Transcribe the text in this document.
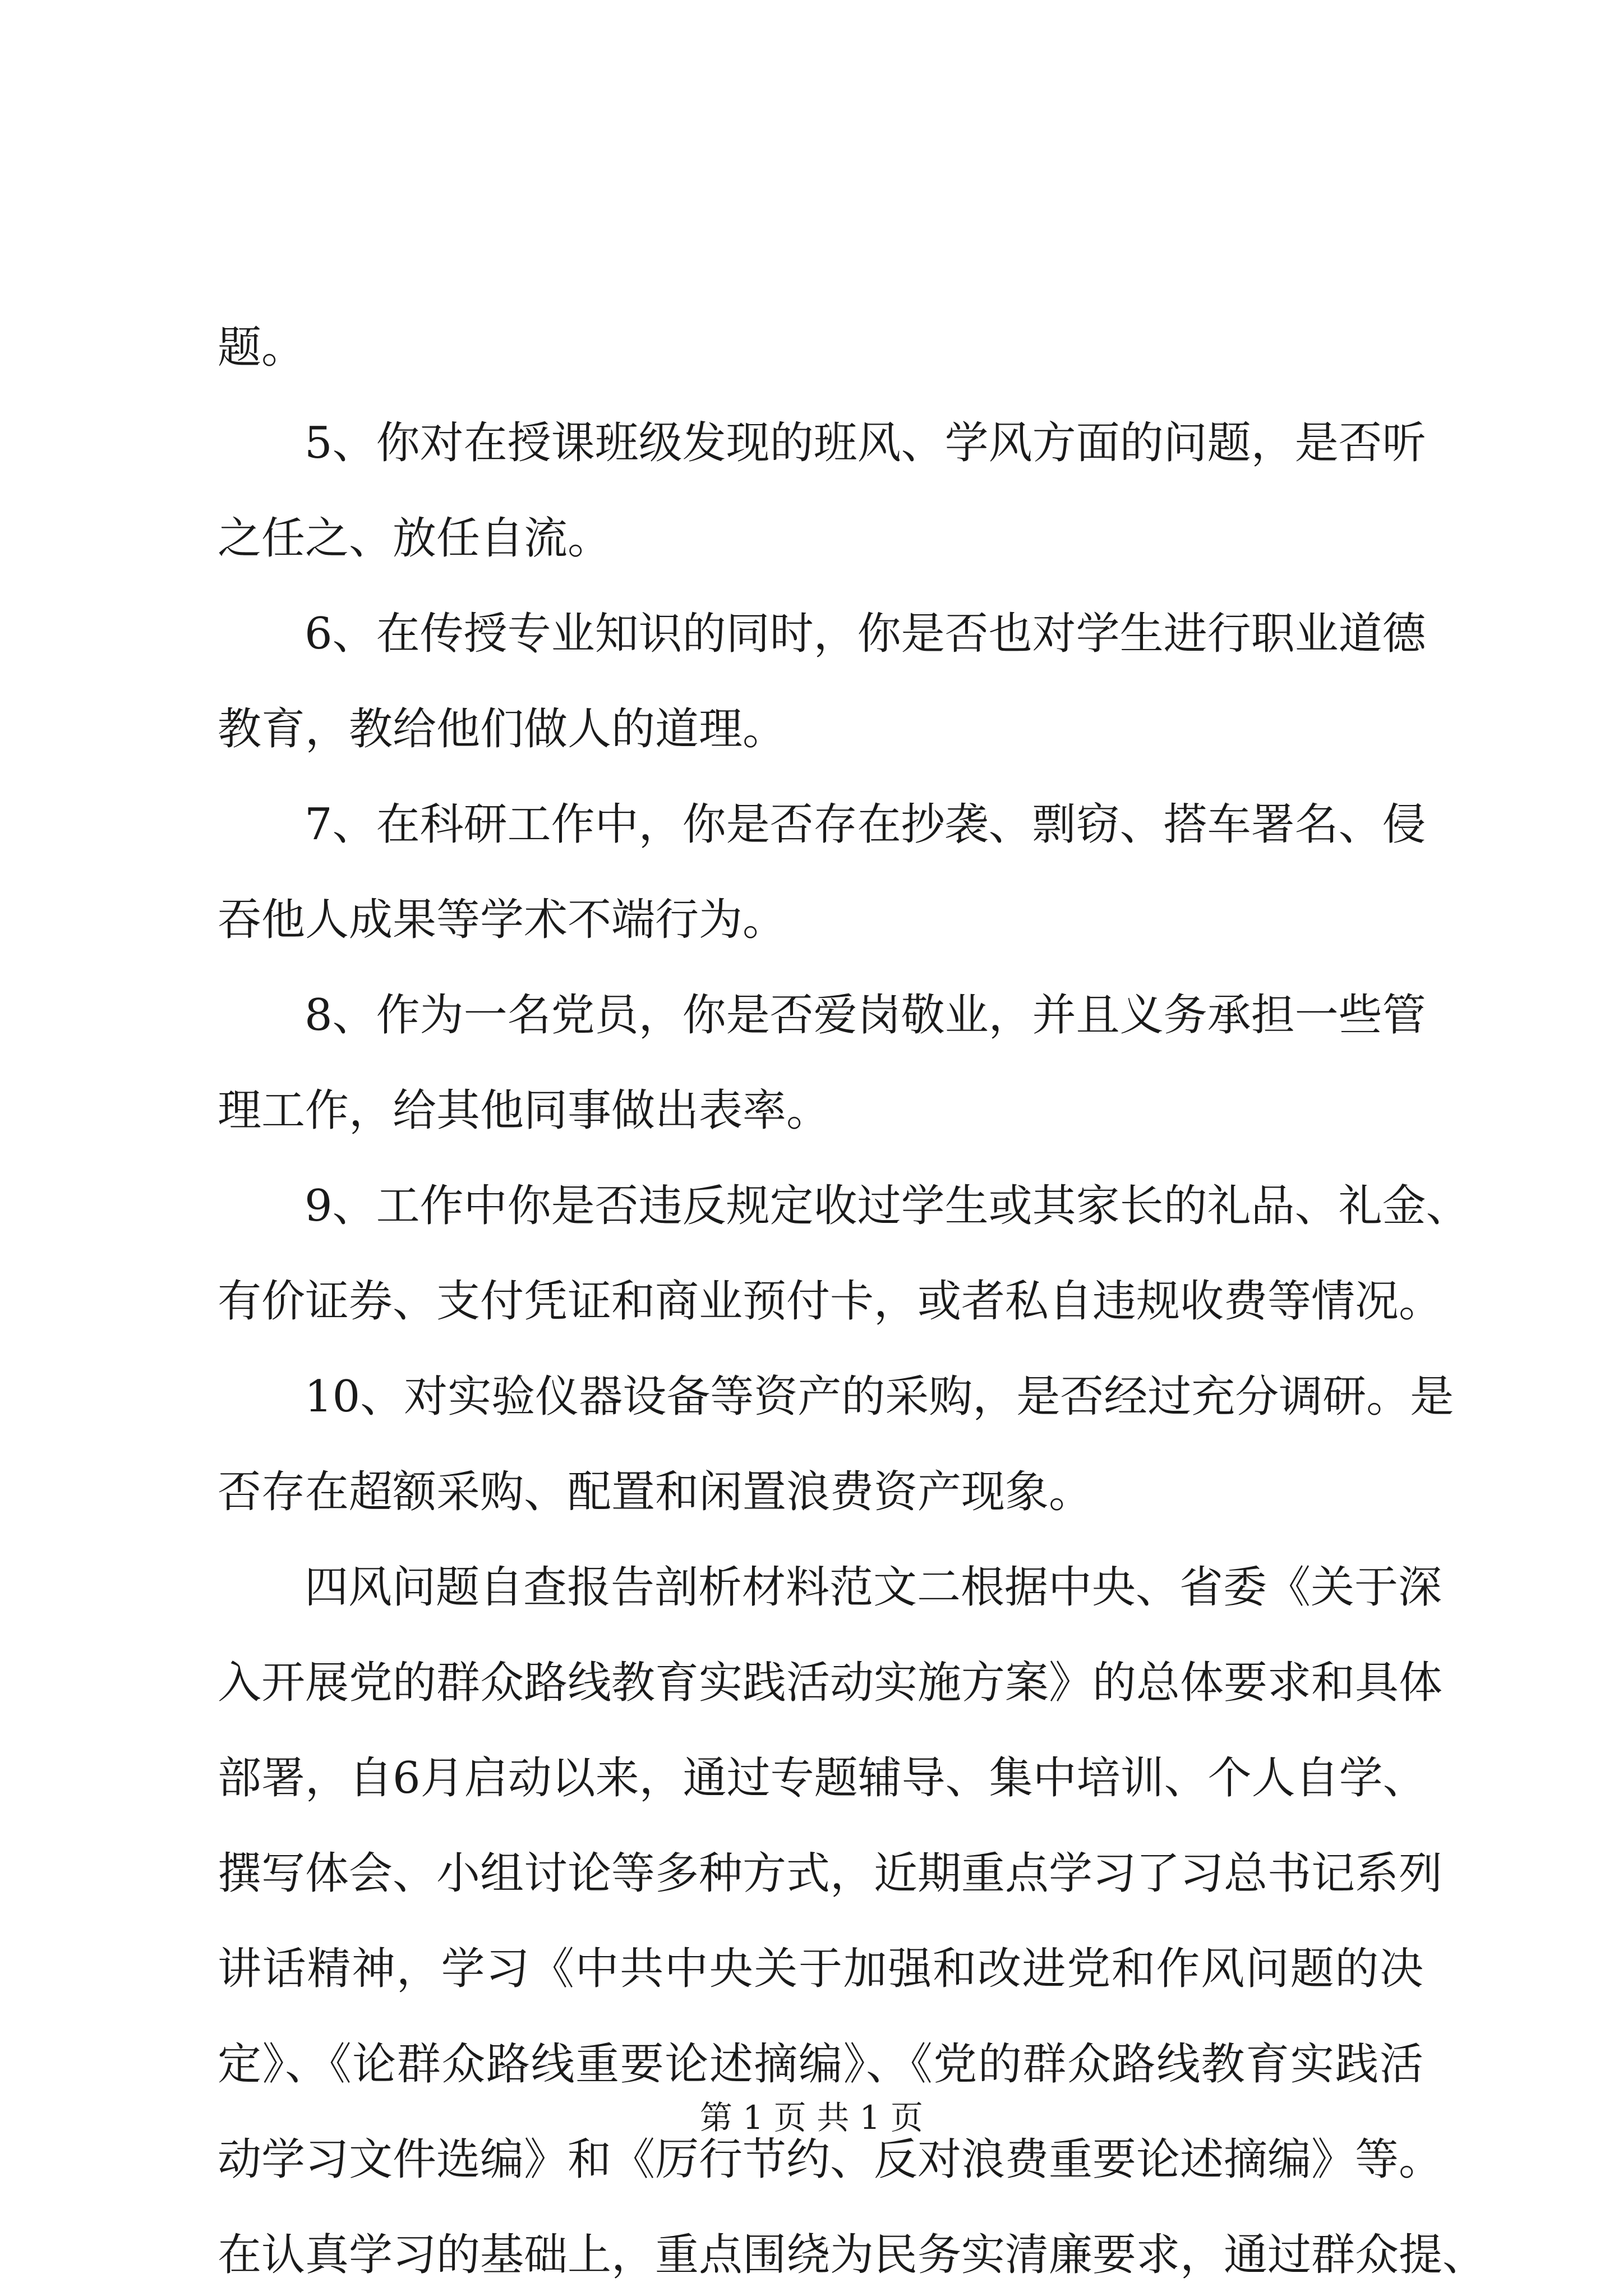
题。
5、你对在授课班级发现的班风、学风方面的问题，是否听
之任之、放任自流。
6、在传授专业知识的同时，你是否也对学生进行职业道德
教育，教给他们做人的道理。
7、在科研工作中，你是否存在抄袭、剽窃、搭车署名、侵
吞他人成果等学术不端行为。
8、作为一名党员，你是否爱岗敬业，并且义务承担一些管
理工作，给其他同事做出表率。
9、工作中你是否违反规定收过学生或其家长的礼品、礼金、
有价证券、支付凭证和商业预付卡，或者私自违规收费等情况。
10、对实验仪器设备等资产的采购，是否经过充分调研。是
否存在超额采购、配置和闲置浪费资产现象。
四风问题自查报告剖析材料范文二根据中央、省委《关于深
入开展党的群众路线教育实践活动实施方案》的总体要求和具体
部署，自6月启动以来，通过专题辅导、集中培训、个人自学、
撰写体会、小组讨论等多种方式，近期重点学习了习总书记系列
讲话精神，学习《中共中央关于加强和改进党和作风问题的决
定》、《论群众路线重要论述摘编》、《党的群众路线教育实践活
动学习文件选编》和《厉行节约、反对浪费重要论述摘编》等。
在认真学习的基础上，重点围绕为民务实清廉要求，通过群众提、
第 1 页 共 1 页
